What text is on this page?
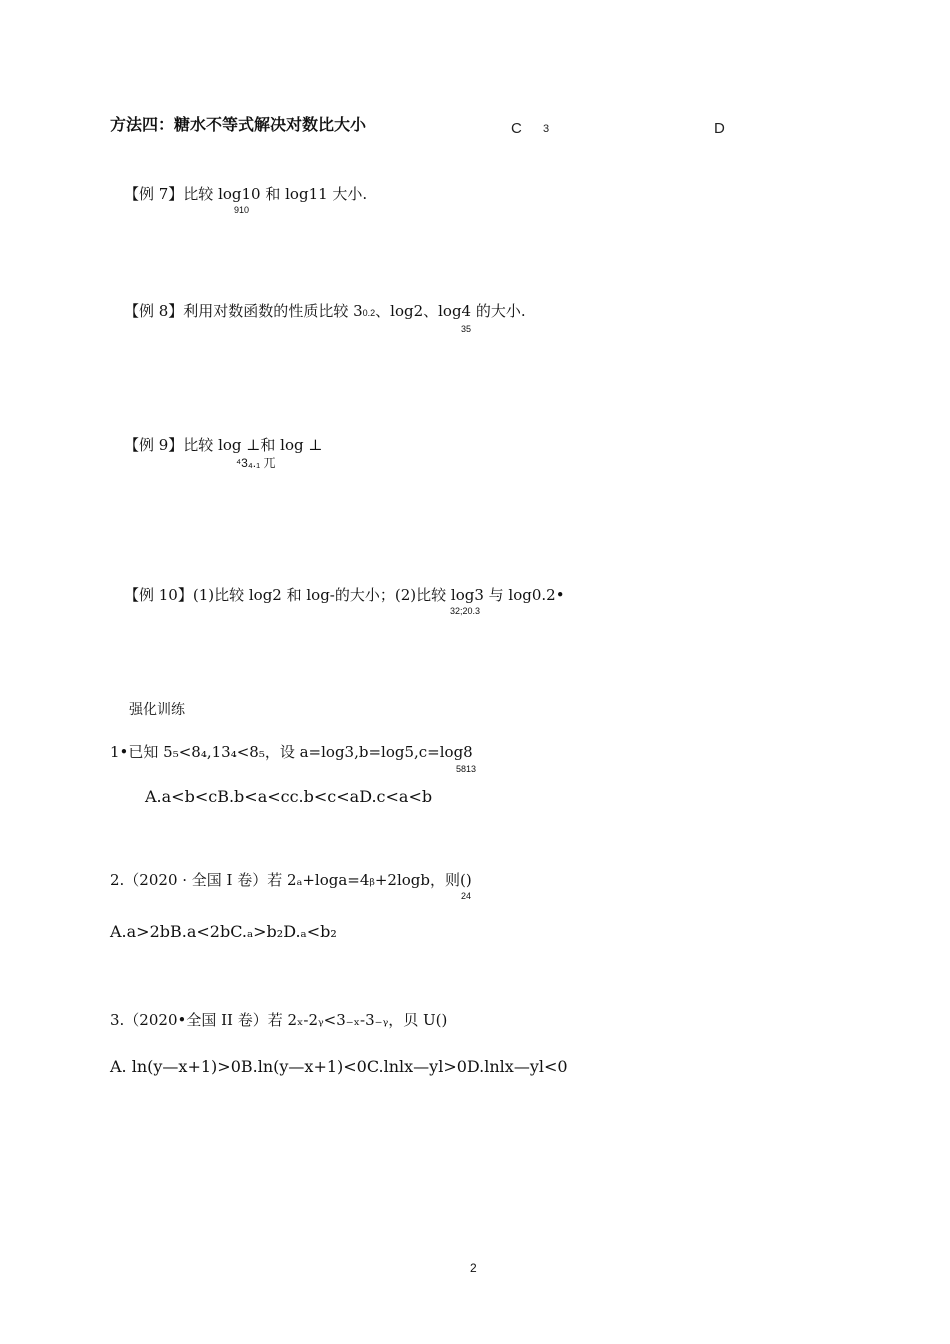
方法四：糖水不等式解决对数比大小	C 3	D
【例 7】比较 log10 和 log11 大小.
910
【例 8】利用对数函数的性质比较 30.2、log2、log4 的大小.
35
【例 9】比较 log ⊥和 log ⊥
⁴3₄.₁ 兀
【例 10】(1)比较 log2 和 log-的大小；(2)比较 log3 与 log0.2•
32;20.3
强化训练
1•已知 5₅<8₄,13₄<8₅，设 a=log3,b=log5,c=log8
5813
A.a<b<cB.b<a<cc.b<c<aD.c<a<b
2.（2020 · 全国 I 卷）若 2ₐ+loga=4ᵦ+2logb，则()
24
A.a>2bB.a<2bC.ₐ>b₂D.ₐ<b₂
3.（2020•全国 II 卷）若 2ₓ-2ᵧ<3₋ₓ-3₋ᵧ，贝 U()
A. ln(y—x+1)>0B.ln(y—x+1)<0C.lnlx—yl>0D.lnlx—yl<0
2
